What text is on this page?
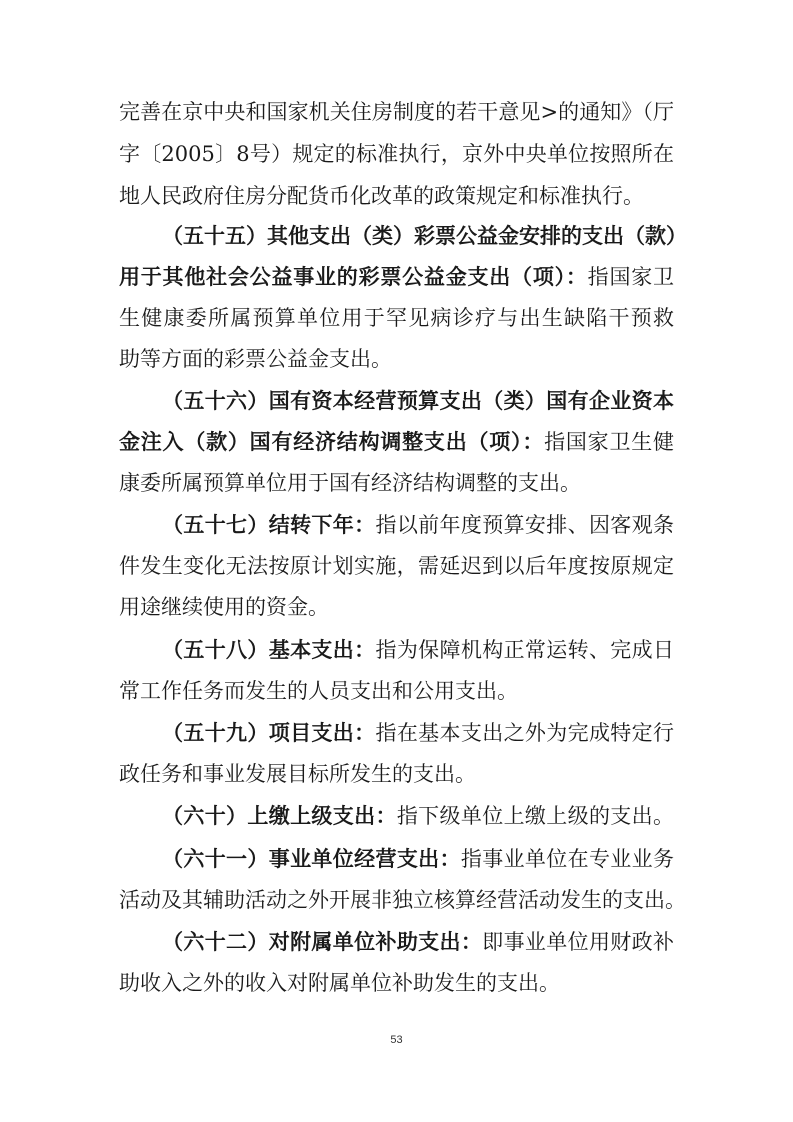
完善在京中央和国家机关住房制度的若干意见>的通知》（厅
字〔2005〕8号）规定的标准执行，京外中央单位按照所在
地人民政府住房分配货币化改革的政策规定和标准执行。
（五十五）其他支出（类）彩票公益金安排的支出（款）
用于其他社会公益事业的彩票公益金支出（项）：指国家卫
生健康委所属预算单位用于罕见病诊疗与出生缺陷干预救
助等方面的彩票公益金支出。
（五十六）国有资本经营预算支出（类）国有企业资本
金注入（款）国有经济结构调整支出（项）：指国家卫生健
康委所属预算单位用于国有经济结构调整的支出。
（五十七）结转下年：指以前年度预算安排、因客观条
件发生变化无法按原计划实施，需延迟到以后年度按原规定
用途继续使用的资金。
（五十八）基本支出：指为保障机构正常运转、完成日
常工作任务而发生的人员支出和公用支出。
（五十九）项目支出：指在基本支出之外为完成特定行
政任务和事业发展目标所发生的支出。
（六十）上缴上级支出：指下级单位上缴上级的支出。
（六十一）事业单位经营支出：指事业单位在专业业务
活动及其辅助活动之外开展非独立核算经营活动发生的支出。
（六十二）对附属单位补助支出：即事业单位用财政补
助收入之外的收入对附属单位补助发生的支出。
53
